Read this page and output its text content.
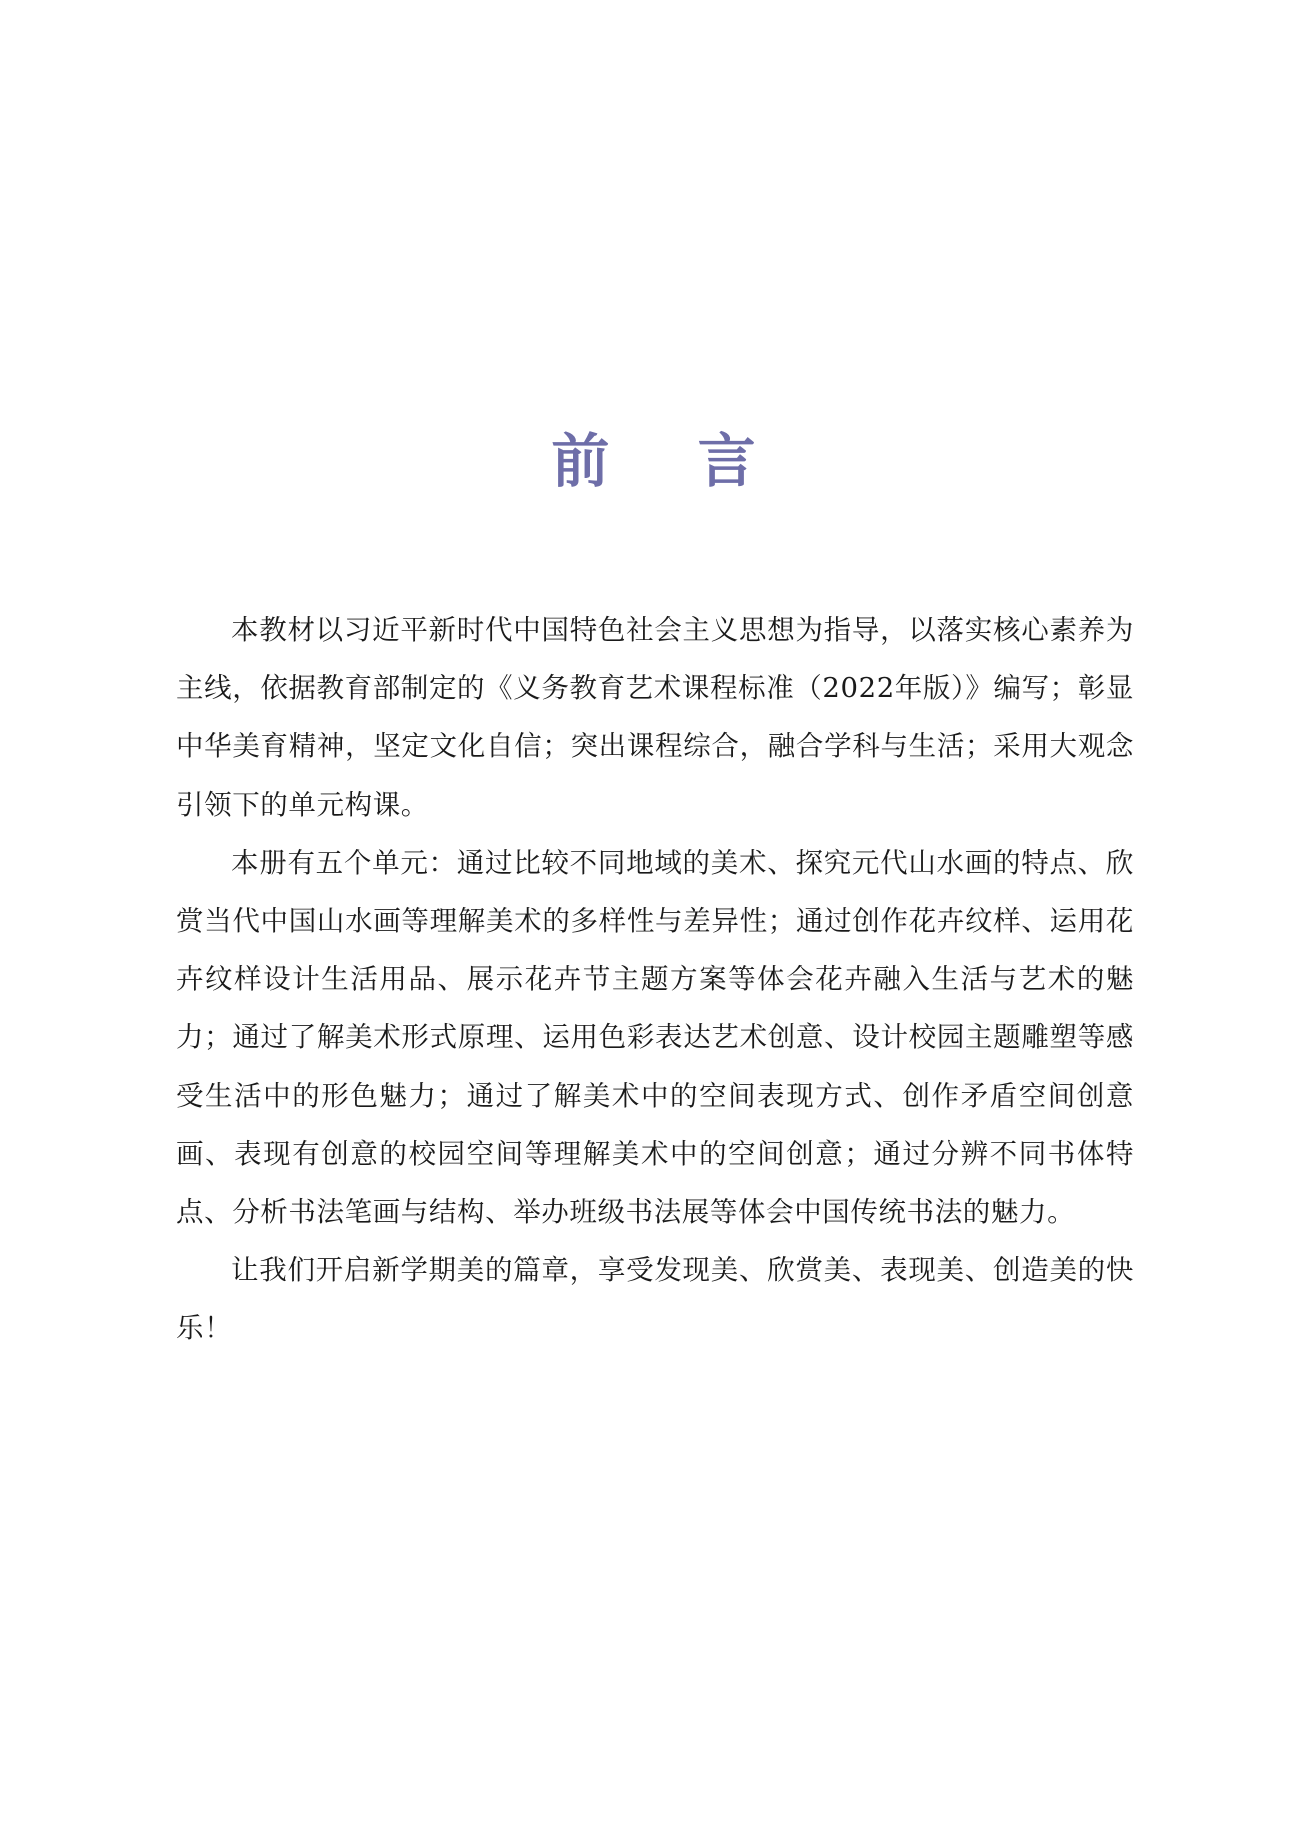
前 言

本教材以习近平新时代中国特色社会主义思想为指导，以落实核心素养为主线，依据教育部制定的《义务教育艺术课程标准（2022年版）》编写；彰显中华美育精神，坚定文化自信；突出课程综合，融合学科与生活；采用大观念引领下的单元构课。

本册有五个单元：通过比较不同地域的美术、探究元代山水画的特点、欣赏当代中国山水画等理解美术的多样性与差异性；通过创作花卉纹样、运用花卉纹样设计生活用品、展示花卉节主题方案等体会花卉融入生活与艺术的魅力；通过了解美术形式原理、运用色彩表达艺术创意、设计校园主题雕塑等感受生活中的形色魅力；通过了解美术中的空间表现方式、创作矛盾空间创意画、表现有创意的校园空间等理解美术中的空间创意；通过分辨不同书体特点、分析书法笔画与结构、举办班级书法展等体会中国传统书法的魅力。

让我们开启新学期美的篇章，享受发现美、欣赏美、表现美、创造美的快乐！
